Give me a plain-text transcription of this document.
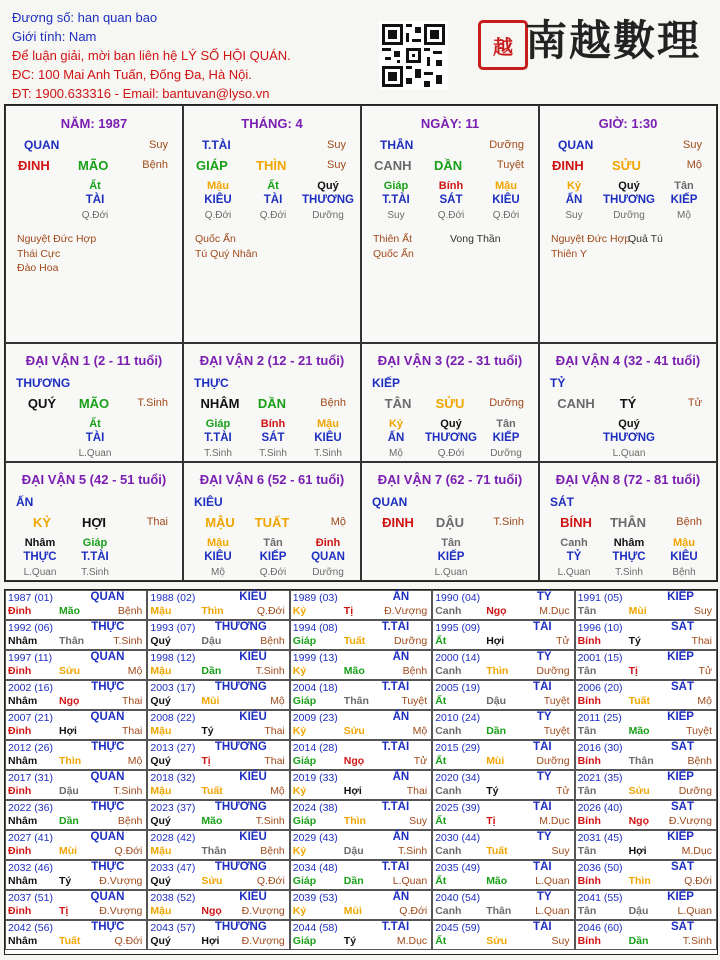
Đương số: han quan bao
Giới tính: Nam
Để luận giải, mời bạn liên hệ LÝ SỐ HỘI QUÁN.
ĐC: 100 Mai Anh Tuấn, Đống Đa, Hà Nội.
ĐT: 1900.633316 - Email: bantuvan@lyso.vn
越 南越數理
NĂM: 1987
QUAN	Suy
ĐINH MÃO	Bệnh
Ất
TÀI
Q.Đới
Nguyệt Đức Hợp
Thái Cực
Đào Hoa
THÁNG: 4
T.TÀI	Suy
GIÁP THÌN	Suy
Mậu
KIÊU
Q.Đới
Ất
TÀI
Q.Đới
Quý
THƯƠNG
Dưỡng
Quốc Ấn
Tú Quý Nhân
NGÀY: 11
THÂN	Dưỡng
CANH DẦN	Tuyệt
Giáp
T.TÀI
Suy
Bính
SÁT
Q.Đới
Mậu
KIÊU
Q.Đới
Thiên Ất
Quốc Ấn
Vong Thần
GIỜ: 1:30
QUAN	Suy
ĐINH SỬU	Mộ
Kỷ
ẤN
Suy
Quý
THƯƠNG
Dưỡng
Tân
KIẾP
Mộ
Nguyệt Đức Hợp
Thiên Y
Quả Tú
ĐẠI VẬN 1 (2 - 11 tuổi)
THƯƠNG
QUÝ	MÃO	T.Sinh
Ất
TÀI
L.Quan
ĐẠI VẬN 2 (12 - 21 tuổi)
THỰC
NHÂM	DẦN	Bệnh
Giáp
T.TÀI
T.Sinh
Bính
SÁT
T.Sinh
Mậu
KIÊU
T.Sinh
ĐẠI VẬN 3 (22 - 31 tuổi)
KIẾP
TÂN	SỬU	Dưỡng
Kỷ
ẤN
Mộ
Quý
THƯƠNG
Q.Đới
Tân
KIẾP
Dưỡng
ĐẠI VẬN 4 (32 - 41 tuổi)
TỶ
CANH	TÝ	Tử
Quý
THƯƠNG
L.Quan
ĐẠI VẬN 5 (42 - 51 tuổi)
ẤN
KỶ	HỢI	Thai
Nhâm
THỰC
L.Quan
Giáp
T.TÀI
T.Sinh
ĐẠI VẬN 6 (52 - 61 tuổi)
KIÊU
MẬU	TUẤT	Mộ
Mậu
KIÊU
Mộ
Tân
KIẾP
Q.Đới
Đinh
QUAN
Dưỡng
ĐẠI VẬN 7 (62 - 71 tuổi)
QUAN
ĐINH	DẬU	T.Sinh
Tân
KIẾP
L.Quan
ĐẠI VẬN 8 (72 - 81 tuổi)
SÁT
BÍNH	THÂN	Bệnh
Canh
TỶ
L.Quan
Nhâm
THỰC
T.Sinh
Mậu
KIÊU
Bệnh
1987 (01)	QUAN
Đinh	Mão	Bệnh
1988 (02)	KIÊU
Mậu	Thìn	Q.Đới
1989 (03)	ẤN
Kỷ	Tị	Đ.Vượng
1990 (04)	TỶ
Canh Ngọ	M.Dục
1991 (05)	KIẾP
Tân	Mùi	Suy
1992 (06)	THỰC
Nhâm Thân	T.Sinh
1993 (07) THƯƠNG
Quý	Dậu	Bệnh
1994 (08)	T.TÀI
Giáp	Tuất	Dưỡng
1995 (09)	TÀI
Ất	Hợi	Tử
1996 (10)	SÁT
Bính	Tý	Thai
1997 (11)	QUAN
Đinh	Sửu	Mộ
1998 (12)	KIÊU
Mậu	Dần	T.Sinh
1999 (13)	ẤN
Kỷ	Mão	Bệnh
2000 (14)	TỶ
Canh Thìn	Dưỡng
2001 (15)	KIẾP
Tân	Tị	Tử
2002 (16)	THỰC
Nhâm Ngọ	Thai
2003 (17) THƯƠNG
Quý	Mùi	Mộ
2004 (18)	T.TÀI
Giáp	Thân	Tuyệt
2005 (19)	TÀI
Ất	Dậu	Tuyệt
2006 (20)	SÁT
Bính	Tuất	Mộ
2007 (21)	QUAN
Đinh	Hợi	Thai
2008 (22)	KIÊU
Mậu	Tý	Thai
2009 (23)	ẤN
Kỷ	Sửu	Mộ
2010 (24)	TỶ
Canh Dần	Tuyệt
2011 (25)	KIẾP
Tân	Mão	Tuyệt
2012 (26)	THỰC
Nhâm Thìn	Mộ
2013 (27) THƯƠNG
Quý	Tị	Thai
2014 (28)	T.TÀI
Giáp	Ngọ	Tử
2015 (29)	TÀI
Ất	Mùi	Dưỡng
2016 (30)	SÁT
Bính	Thân	Bệnh
2017 (31)	QUAN
Đinh	Dậu	T.Sinh
2018 (32)	KIÊU
Mậu	Tuất	Mộ
2019 (33)	ẤN
Kỷ	Hợi	Thai
2020 (34)	TỶ
Canh Tý	Tử
2021 (35)	KIẾP
Tân	Sửu	Dưỡng
2022 (36)	THỰC
Nhâm Dần	Bệnh
2023 (37) THƯƠNG
Quý	Mão	T.Sinh
2024 (38)	T.TÀI
Giáp	Thìn	Suy
2025 (39)	TÀI
Ất	Tị	M.Dục
2026 (40)	SÁT
Bính	Ngọ Đ.Vượng
2027 (41)	QUAN
Đinh	Mùi	Q.Đới
2028 (42)	KIÊU
Mậu	Thân	Bệnh
2029 (43)	ẤN
Kỷ	Dậu	T.Sinh
2030 (44)	TỶ
Canh Tuất	Suy
2031 (45)	KIẾP
Tân	Hợi	M.Dục
2032 (46)	THỰC
Nhâm Tý	Đ.Vượng
2033 (47) THƯƠNG
Quý	Sửu	Q.Đới
2034 (48)	T.TÀI
Giáp	Dần	L.Quan
2035 (49)	TÀI
Ất	Mão	L.Quan
2036 (50)	SÁT
Bính	Thìn	Q.Đới
2037 (51)	QUAN
Đinh	Tị	Đ.Vượng
2038 (52)	KIÊU
Mậu	Ngọ Đ.Vượng
2039 (53)	ẤN
Kỷ	Mùi	Q.Đới
2040 (54)	TỶ
Canh Thân L.Quan
2041 (55)	KIẾP
Tân	Dậu	L.Quan
2042 (56)	THỰC
Nhâm Tuất	Q.Đới
2043 (57) THƯƠNG
Quý	Hợi Đ.Vượng
2044 (58)	T.TÀI
Giáp	Tý	M.Dục
2045 (59)	TÀI
Ất	Sửu	Suy
2046 (60)	SÁT
Bính	Dần	T.Sinh
